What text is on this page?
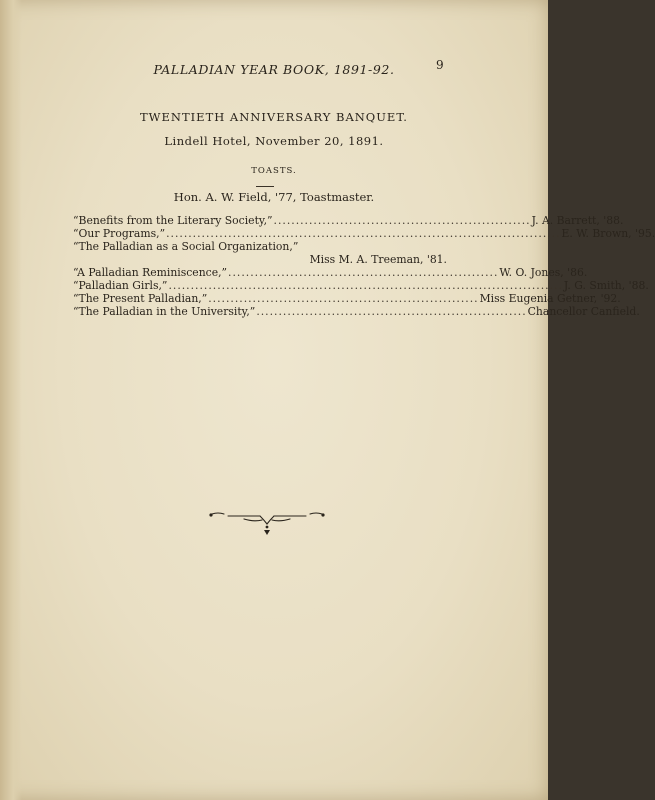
PALLADIAN YEAR BOOK, 1891-92.	9
TWENTIETH ANNIVERSARY BANQUET.
Lindell Hotel, November 20, 1891.
TOASTS.
Hon. A. W. Field, '77, Toastmaster.
“Benefits from the Literary Society,” .......................................................... J. A. Barrett, '88.
“Our Programs,” ......................................................................................... E. W. Brown, '95.
“The Palladian as a Social Organization,”
Miss M. A. Treeman, '81.
“A Palladian Reminiscence,” ............................................................. W. O. Jones, '86.
“Palladian Girls,” ......................................................................................... J. G. Smith, '88.
“The Present Palladian,” ............................................................. Miss Eugenia Getner, '92.
“The Palladian in the University,” ............................................................. Chancellor Canfield.
